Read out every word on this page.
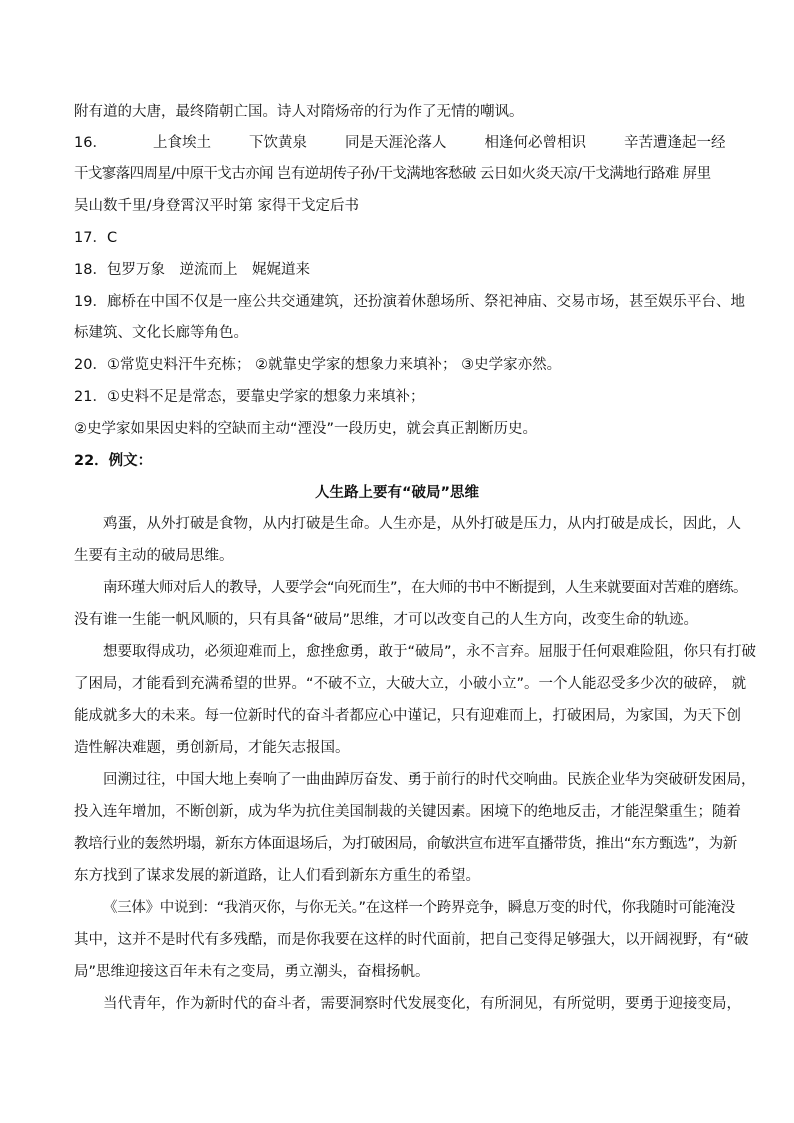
附有道的大唐，最终隋朝亡国。诗人对隋炀帝的行为作了无情的嘲讽。
16．	上食埃土	下饮黄泉	同是天涯沦落人	相逢何必曾相识	辛苦遭逢起一经
干戈寥落四周星/中原干戈古亦闻 岂有逆胡传子孙/干戈满地客愁破 云日如火炎天凉/干戈满地行路难 屏里
吴山数千里/身登霄汉平时第 家得干戈定后书
17．C
18．包罗万象　逆流而上　娓娓道来
19．廊桥在中国不仅是一座公共交通建筑，还扮演着休憩场所、祭祀神庙、交易市场，甚至娱乐平台、地
标建筑、文化长廊等角色。
20．①常览史料汗牛充栋； ②就靠史学家的想象力来填补； ③史学家亦然。
21．①史料不足是常态，要靠史学家的想象力来填补；
②史学家如果因史料的空缺而主动“湮没”一段历史，就会真正割断历史。
22．例文：
人生路上要有“破局”思维
鸡蛋，从外打破是食物，从内打破是生命。人生亦是，从外打破是压力，从内打破是成长，因此，人
生要有主动的破局思维。
南环瑾大师对后人的教导，人要学会“向死而生”，在大师的书中不断提到，人生来就要面对苦难的磨练。
没有谁一生能一帆风顺的，只有具备“破局”思维，才可以改变自己的人生方向，改变生命的轨迹。
想要取得成功，必须迎难而上，愈挫愈勇，敢于“破局”，永不言弃。屈服于任何艰难险阻，你只有打破
了困局，才能看到充满希望的世界。“不破不立，大破大立，小破小立”。一个人能忍受多少次的破碎， 就
能成就多大的未来。每一位新时代的奋斗者都应心中谨记，只有迎难而上，打破困局，为家国，为天下创
造性解决难题，勇创新局，才能矢志报国。
回溯过往，中国大地上奏响了一曲曲踔厉奋发、勇于前行的时代交响曲。民族企业华为突破研发困局，
投入连年增加，不断创新，成为华为抗住美国制裁的关键因素。困境下的绝地反击，才能涅槃重生；随着
教培行业的轰然坍塌，新东方体面退场后，为打破困局，俞敏洪宣布进军直播带货，推出“东方甄选”，为新
东方找到了谋求发展的新道路，让人们看到新东方重生的希望。
《三体》中说到：“我消灭你，与你无关。”在这样一个跨界竞争，瞬息万变的时代，你我随时可能淹没
其中，这并不是时代有多残酷，而是你我要在这样的时代面前，把自己变得足够强大，以开阔视野，有“破
局”思维迎接这百年未有之变局，勇立潮头，奋楫扬帆。
当代青年，作为新时代的奋斗者，需要洞察时代发展变化，有所洞见，有所觉明，要勇于迎接变局，
